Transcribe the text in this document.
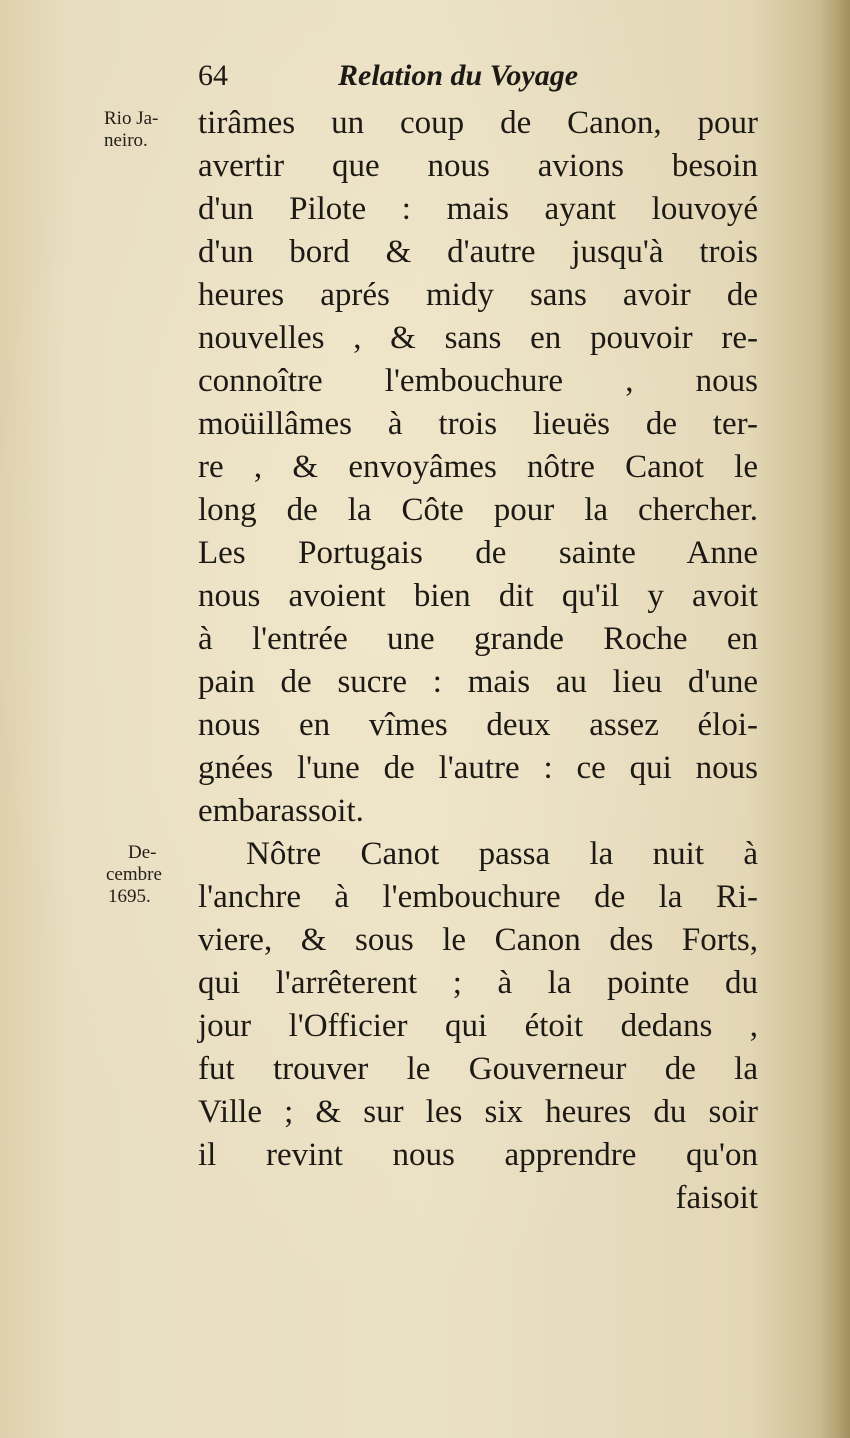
64	Relation du Voyage
Rio Ja-
neiro.
De-
cembre
1695.
tirâmes un coup de Canon, pour
avertir que nous avions besoin
d'un Pilote : mais ayant louvoyé
d'un bord & d'autre jusqu'à trois
heures aprés midy sans avoir de
nouvelles , & sans en pouvoir re-
connoître l'embouchure , nous
moüillâmes à trois lieuës de ter-
re , & envoyâmes nôtre Canot le
long de la Côte pour la chercher.
Les Portugais de sainte Anne
nous avoient bien dit qu'il y avoit
à l'entrée une grande Roche en
pain de sucre : mais au lieu d'une
nous en vîmes deux assez éloi-
gnées l'une de l'autre : ce qui nous
embarassoit.
Nôtre Canot passa la nuit à
l'anchre à l'embouchure de la Ri-
viere, & sous le Canon des Forts,
qui l'arrêterent ; à la pointe du
jour l'Officier qui étoit dedans ,
fut trouver le Gouverneur de la
Ville ; & sur les six heures du soir
il revint nous apprendre qu'on
faisoit
